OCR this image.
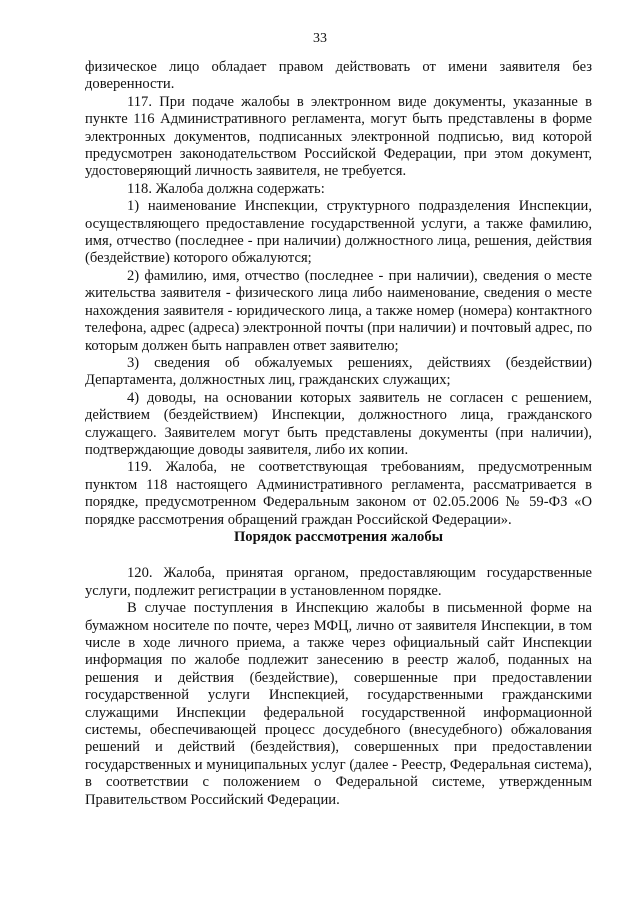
33

физическое лицо обладает правом действовать от имени заявителя без доверенности.

117. При подаче жалобы в электронном виде документы, указанные в пункте 116 Административного регламента, могут быть представлены в форме электронных документов, подписанных электронной подписью, вид которой предусмотрен законодательством Российской Федерации, при этом документ, удостоверяющий личность заявителя, не требуется.

118. Жалоба должна содержать:

1) наименование Инспекции, структурного подразделения Инспекции, осуществляющего предоставление государственной услуги, а также фамилию, имя, отчество (последнее - при наличии) должностного лица, решения, действия (бездействие) которого обжалуются;

2) фамилию, имя, отчество (последнее - при наличии), сведения о месте жительства заявителя - физического лица либо наименование, сведения о месте нахождения заявителя - юридического лица, а также номер (номера) контактного телефона, адрес (адреса) электронной почты (при наличии) и почтовый адрес, по которым должен быть направлен ответ заявителю;

3) сведения об обжалуемых решениях, действиях (бездействии) Департамента, должностных лиц, гражданских служащих;

4) доводы, на основании которых заявитель не согласен с решением, действием (бездействием) Инспекции, должностного лица, гражданского служащего. Заявителем могут быть представлены документы (при наличии), подтверждающие доводы заявителя, либо их копии.

119. Жалоба, не соответствующая требованиям, предусмотренным пунктом 118 настоящего Административного регламента, рассматривается в порядке, предусмотренном Федеральным законом от 02.05.2006 № 59-ФЗ «О порядке рассмотрения обращений граждан Российской Федерации».

Порядок рассмотрения жалобы

120. Жалоба, принятая органом, предоставляющим государственные услуги, подлежит регистрации в установленном порядке.

В случае поступления в Инспекцию жалобы в письменной форме на бумажном носителе по почте, через МФЦ, лично от заявителя Инспекции, в том числе в ходе личного приема, а также через официальный сайт Инспекции информация по жалобе подлежит занесению в реестр жалоб, поданных на решения и действия (бездействие), совершенные при предоставлении государственной услуги Инспекцией, государственными гражданскими служащими Инспекции федеральной государственной информационной системы, обеспечивающей процесс досудебного (внесудебного) обжалования решений и действий (бездействия), совершенных при предоставлении государственных и муниципальных услуг (далее - Реестр, Федеральная система), в соответствии с положением о Федеральной системе, утвержденным Правительством Российский Федерации.
